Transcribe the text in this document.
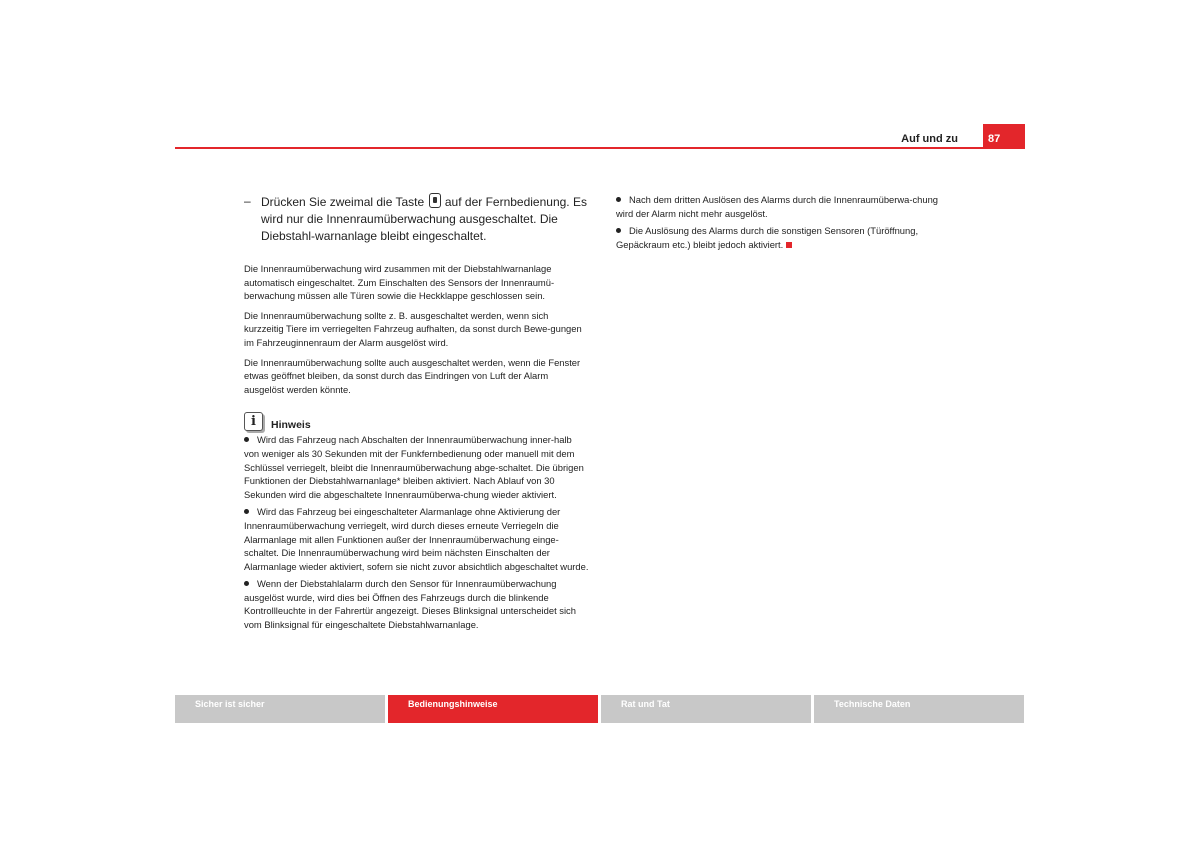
Auf und zu	87
– Drücken Sie zweimal die Taste auf der Fernbedienung. Es wird nur die Innenraumüberwachung ausgeschaltet. Die Diebstahl-warnanlage bleibt eingeschaltet.

Die Innenraumüberwachung wird zusammen mit der Diebstahlwarnanlage automatisch eingeschaltet. Zum Einschalten des Sensors der Innenraumü-berwachung müssen alle Türen sowie die Heckklappe geschlossen sein.

Die Innenraumüberwachung sollte z. B. ausgeschaltet werden, wenn sich kurzzeitig Tiere im verriegelten Fahrzeug aufhalten, da sonst durch Bewe-gungen im Fahrzeuginnenraum der Alarm ausgelöst wird.

Die Innenraumüberwachung sollte auch ausgeschaltet werden, wenn die Fenster etwas geöffnet bleiben, da sonst durch das Eindringen von Luft der Alarm ausgelöst werden könnte.

i	Hinweis

Wird das Fahrzeug nach Abschalten der Innenraumüberwachung inner-halb von weniger als 30 Sekunden mit der Funkfernbedienung oder manuell mit dem Schlüssel verriegelt, bleibt die Innenraumüberwachung abge-schaltet. Die übrigen Funktionen der Diebstahlwarnanlage* bleiben aktiviert. Nach Ablauf von 30 Sekunden wird die abgeschaltete Innenraumüberwa-chung wieder aktiviert.

Wird das Fahrzeug bei eingeschalteter Alarmanlage ohne Aktivierung der Innenraumüberwachung verriegelt, wird durch dieses erneute Verriegeln die Alarmanlage mit allen Funktionen außer der Innenraumüberwachung einge-schaltet. Die Innenraumüberwachung wird beim nächsten Einschalten der Alarmanlage wieder aktiviert, sofern sie nicht zuvor absichtlich abgeschaltet wurde.

Wenn der Diebstahlalarm durch den Sensor für Innenraumüberwachung ausgelöst wurde, wird dies bei Öffnen des Fahrzeugs durch die blinkende Kontrollleuchte in der Fahrertür angezeigt. Dieses Blinksignal unterscheidet sich vom Blinksignal für eingeschaltete Diebstahlwarnanlage.

Nach dem dritten Auslösen des Alarms durch die Innenraumüberwa-chung wird der Alarm nicht mehr ausgelöst.

Die Auslösung des Alarms durch die sonstigen Sensoren (Türöffnung, Gepäckraum etc.) bleibt jedoch aktiviert.

Sicher ist sicher	Bedienungshinweise	Rat und Tat	Technische Daten
